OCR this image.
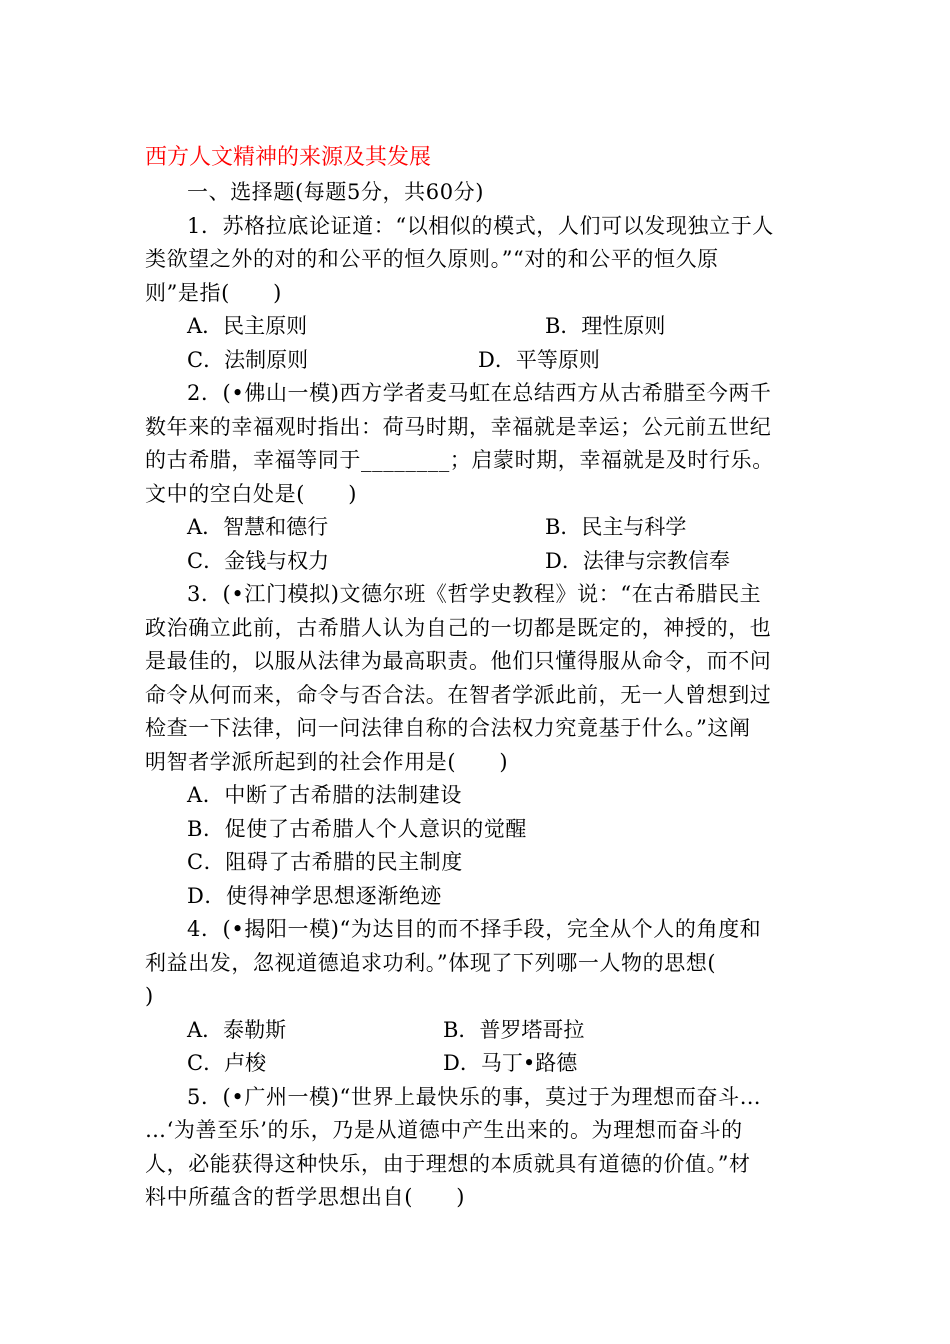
西方人文精神的来源及其发展
一、选择题(每题5分，共60分)
1．苏格拉底论证道：“以相似的模式，人们可以发现独立于人
类欲望之外的对的和公平的恒久原则。”“对的和公平的恒久原
则”是指(　　)
A．民主原则	B．理性原则
C．法制原则	D．平等原则
2．(•佛山一模)西方学者麦马虹在总结西方从古希腊至今两千
数年来的幸福观时指出：荷马时期，幸福就是幸运；公元前五世纪
的古希腊，幸福等同于________；启蒙时期，幸福就是及时行乐。
文中的空白处是(　　)
A．智慧和德行	B．民主与科学
C．金钱与权力	D．法律与宗教信奉
3．(•江门模拟)文德尔班《哲学史教程》说：“在古希腊民主
政治确立此前，古希腊人认为自己的一切都是既定的，神授的，也
是最佳的，以服从法律为最高职责。他们只懂得服从命令，而不问
命令从何而来，命令与否合法。在智者学派此前，无一人曾想到过
检查一下法律，问一问法律自称的合法权力究竟基于什么。”这阐
明智者学派所起到的社会作用是(　　)
A．中断了古希腊的法制建设
B．促使了古希腊人个人意识的觉醒
C．阻碍了古希腊的民主制度
D．使得神学思想逐渐绝迹
4．(•揭阳一模)“为达目的而不择手段，完全从个人的角度和
利益出发，忽视道德追求功利。”体现了下列哪一人物的思想(
)
A．泰勒斯	B．普罗塔哥拉
C．卢梭	D．马丁•路德
5．(•广州一模)“世界上最快乐的事，莫过于为理想而奋斗…
…‘为善至乐’的乐，乃是从道德中产生出来的。为理想而奋斗的
人，必能获得这种快乐，由于理想的本质就具有道德的价值。”材
料中所蕴含的哲学思想出自(　　)
